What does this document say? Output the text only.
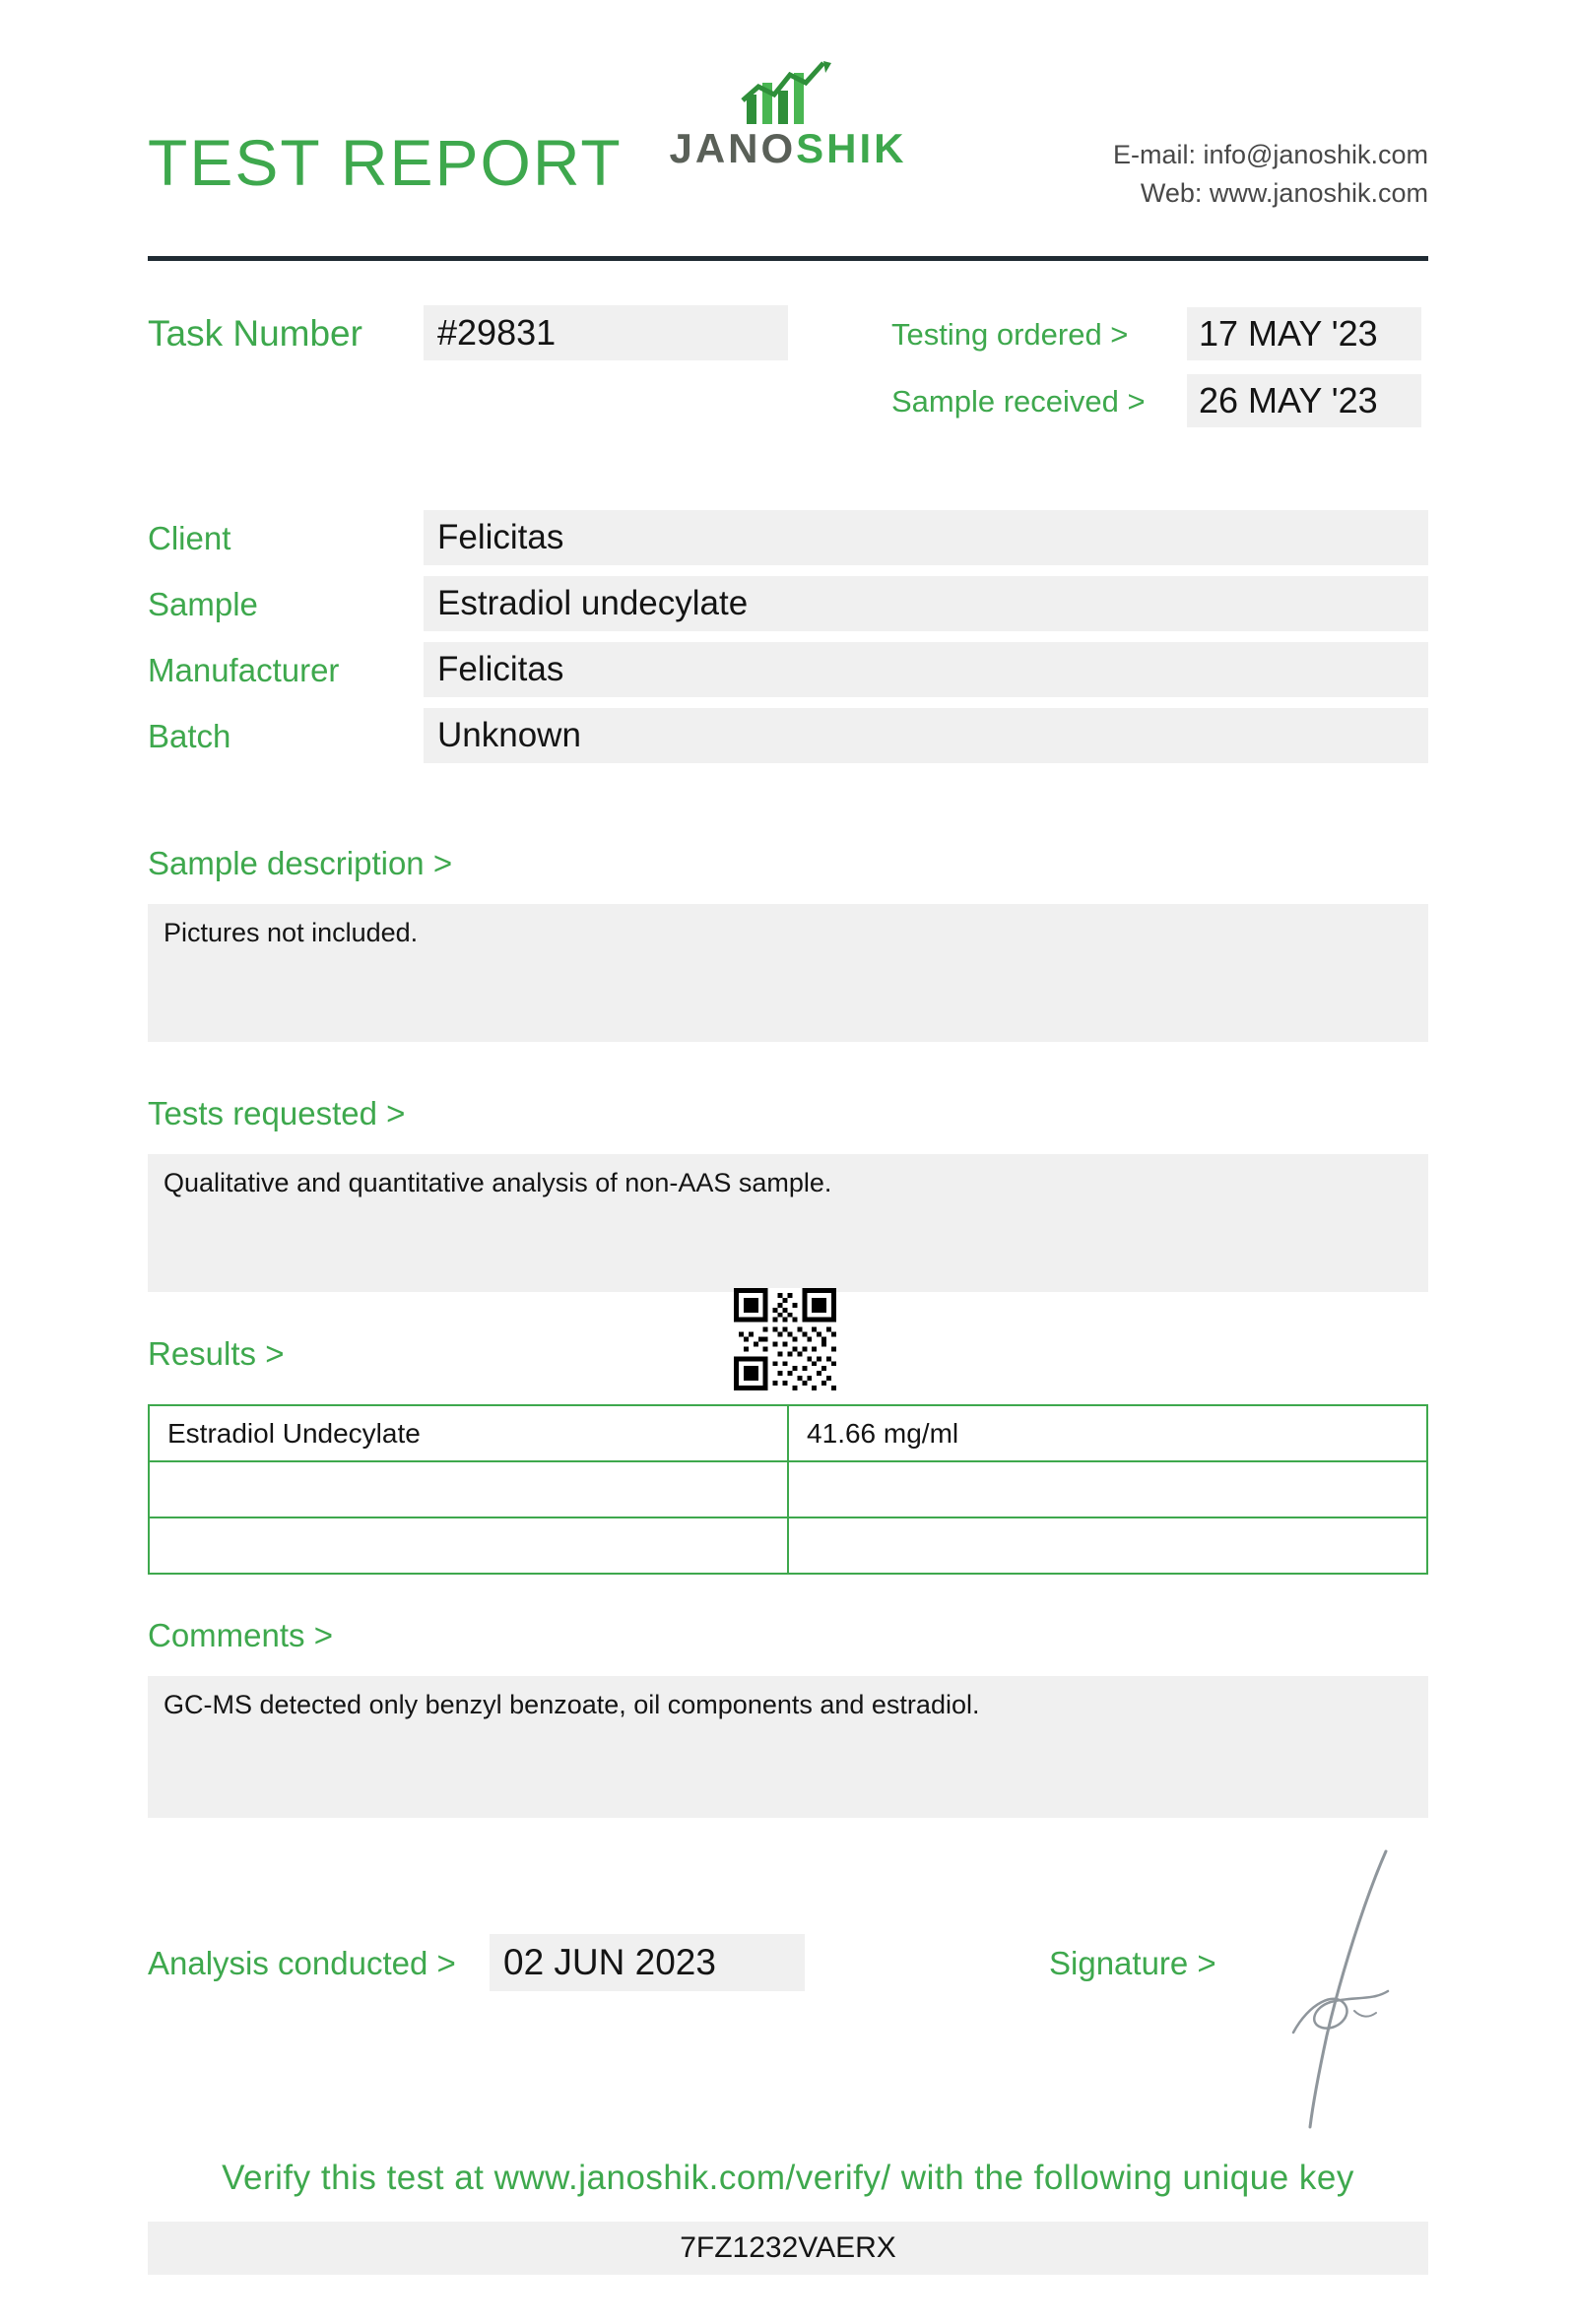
TEST REPORT	JANOSHIK	E-mail: info@janoshik.com
Web: www.janoshik.com
Task Number	#29831	Testing ordered >	17 MAY '23
Sample received >	26 MAY '23
Client	Felicitas
Sample	Estradiol undecylate
Manufacturer	Felicitas
Batch	Unknown
Sample description >
Pictures not included.
Tests requested >
Qualitative and quantitative analysis of non-AAS sample.
Results >
Estradiol Undecylate	41.66 mg/ml

Comments >
GC-MS detected only benzyl benzoate, oil components and estradiol.
Analysis conducted >	02 JUN 2023	Signature >
Verify this test at www.janoshik.com/verify/ with the following unique key
7FZ1232VAERX
